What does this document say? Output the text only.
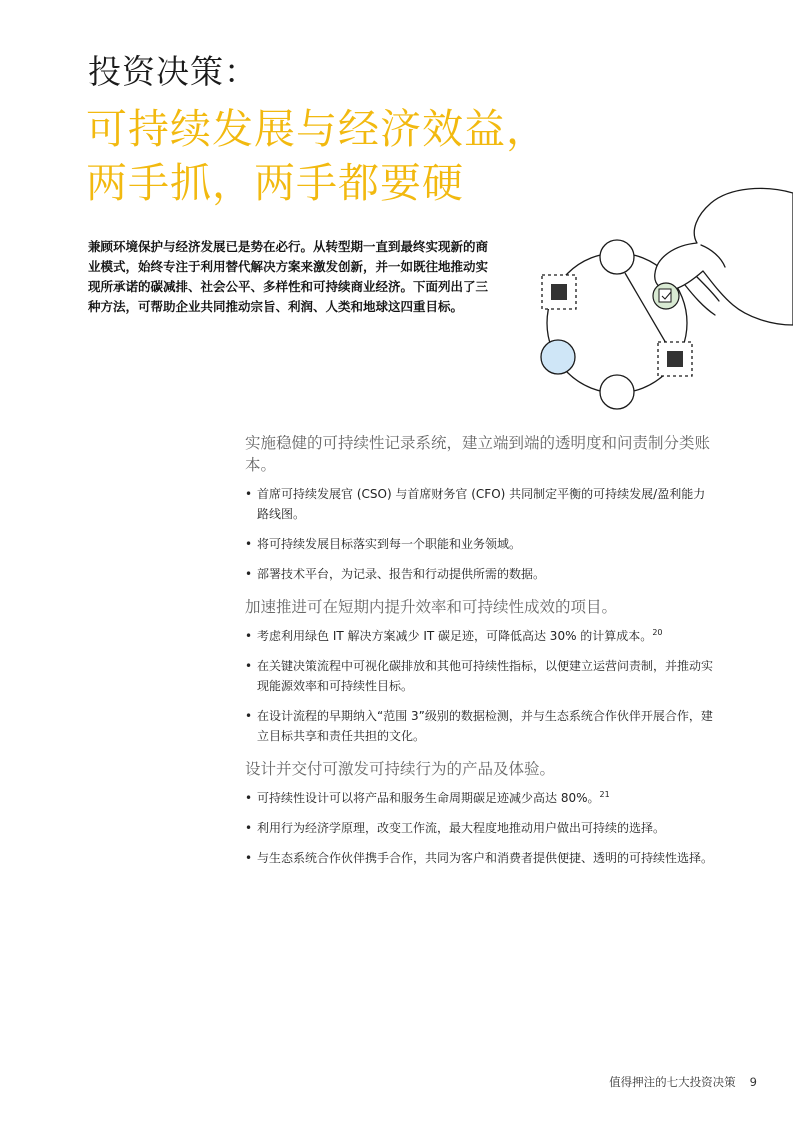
投资决策：
可持续发展与经济效益，
两手抓，两手都要硬
兼顾环境保护与经济发展已是势在必行。从转型期一直到最终实现新的商业模式，始终专注于利用替代解决方案来激发创新，并一如既往地推动实现所承诺的碳减排、社会公平、多样性和可持续商业经济。下面列出了三种方法，可帮助企业共同推动宗旨、利润、人类和地球这四重目标。
实施稳健的可持续性记录系统，建立端到端的透明度和问责制分类账本。
• 首席可持续发展官 (CSO) 与首席财务官 (CFO) 共同制定平衡的可持续发展/盈利能力路线图。
• 将可持续发展目标落实到每一个职能和业务领域。
• 部署技术平台，为记录、报告和行动提供所需的数据。
加速推进可在短期内提升效率和可持续性成效的项目。
• 考虑利用绿色 IT 解决方案减少 IT 碳足迹，可降低高达 30% 的计算成本。$^{20}$
• 在关键决策流程中可视化碳排放和其他可持续性指标，以便建立运营问责制，并推动实现能源效率和可持续性目标。
• 在设计流程的早期纳入“范围 3”级别的数据检测，并与生态系统合作伙伴开展合作，建立目标共享和责任共担的文化。
设计并交付可激发可持续行为的产品及体验。
• 可持续性设计可以将产品和服务生命周期碳足迹减少高达 80%。$^{21}$
• 利用行为经济学原理，改变工作流，最大程度地推动用户做出可持续的选择。
• 与生态系统合作伙伴携手合作，共同为客户和消费者提供便捷、透明的可持续性选择。
值得押注的七大投资决策 9
